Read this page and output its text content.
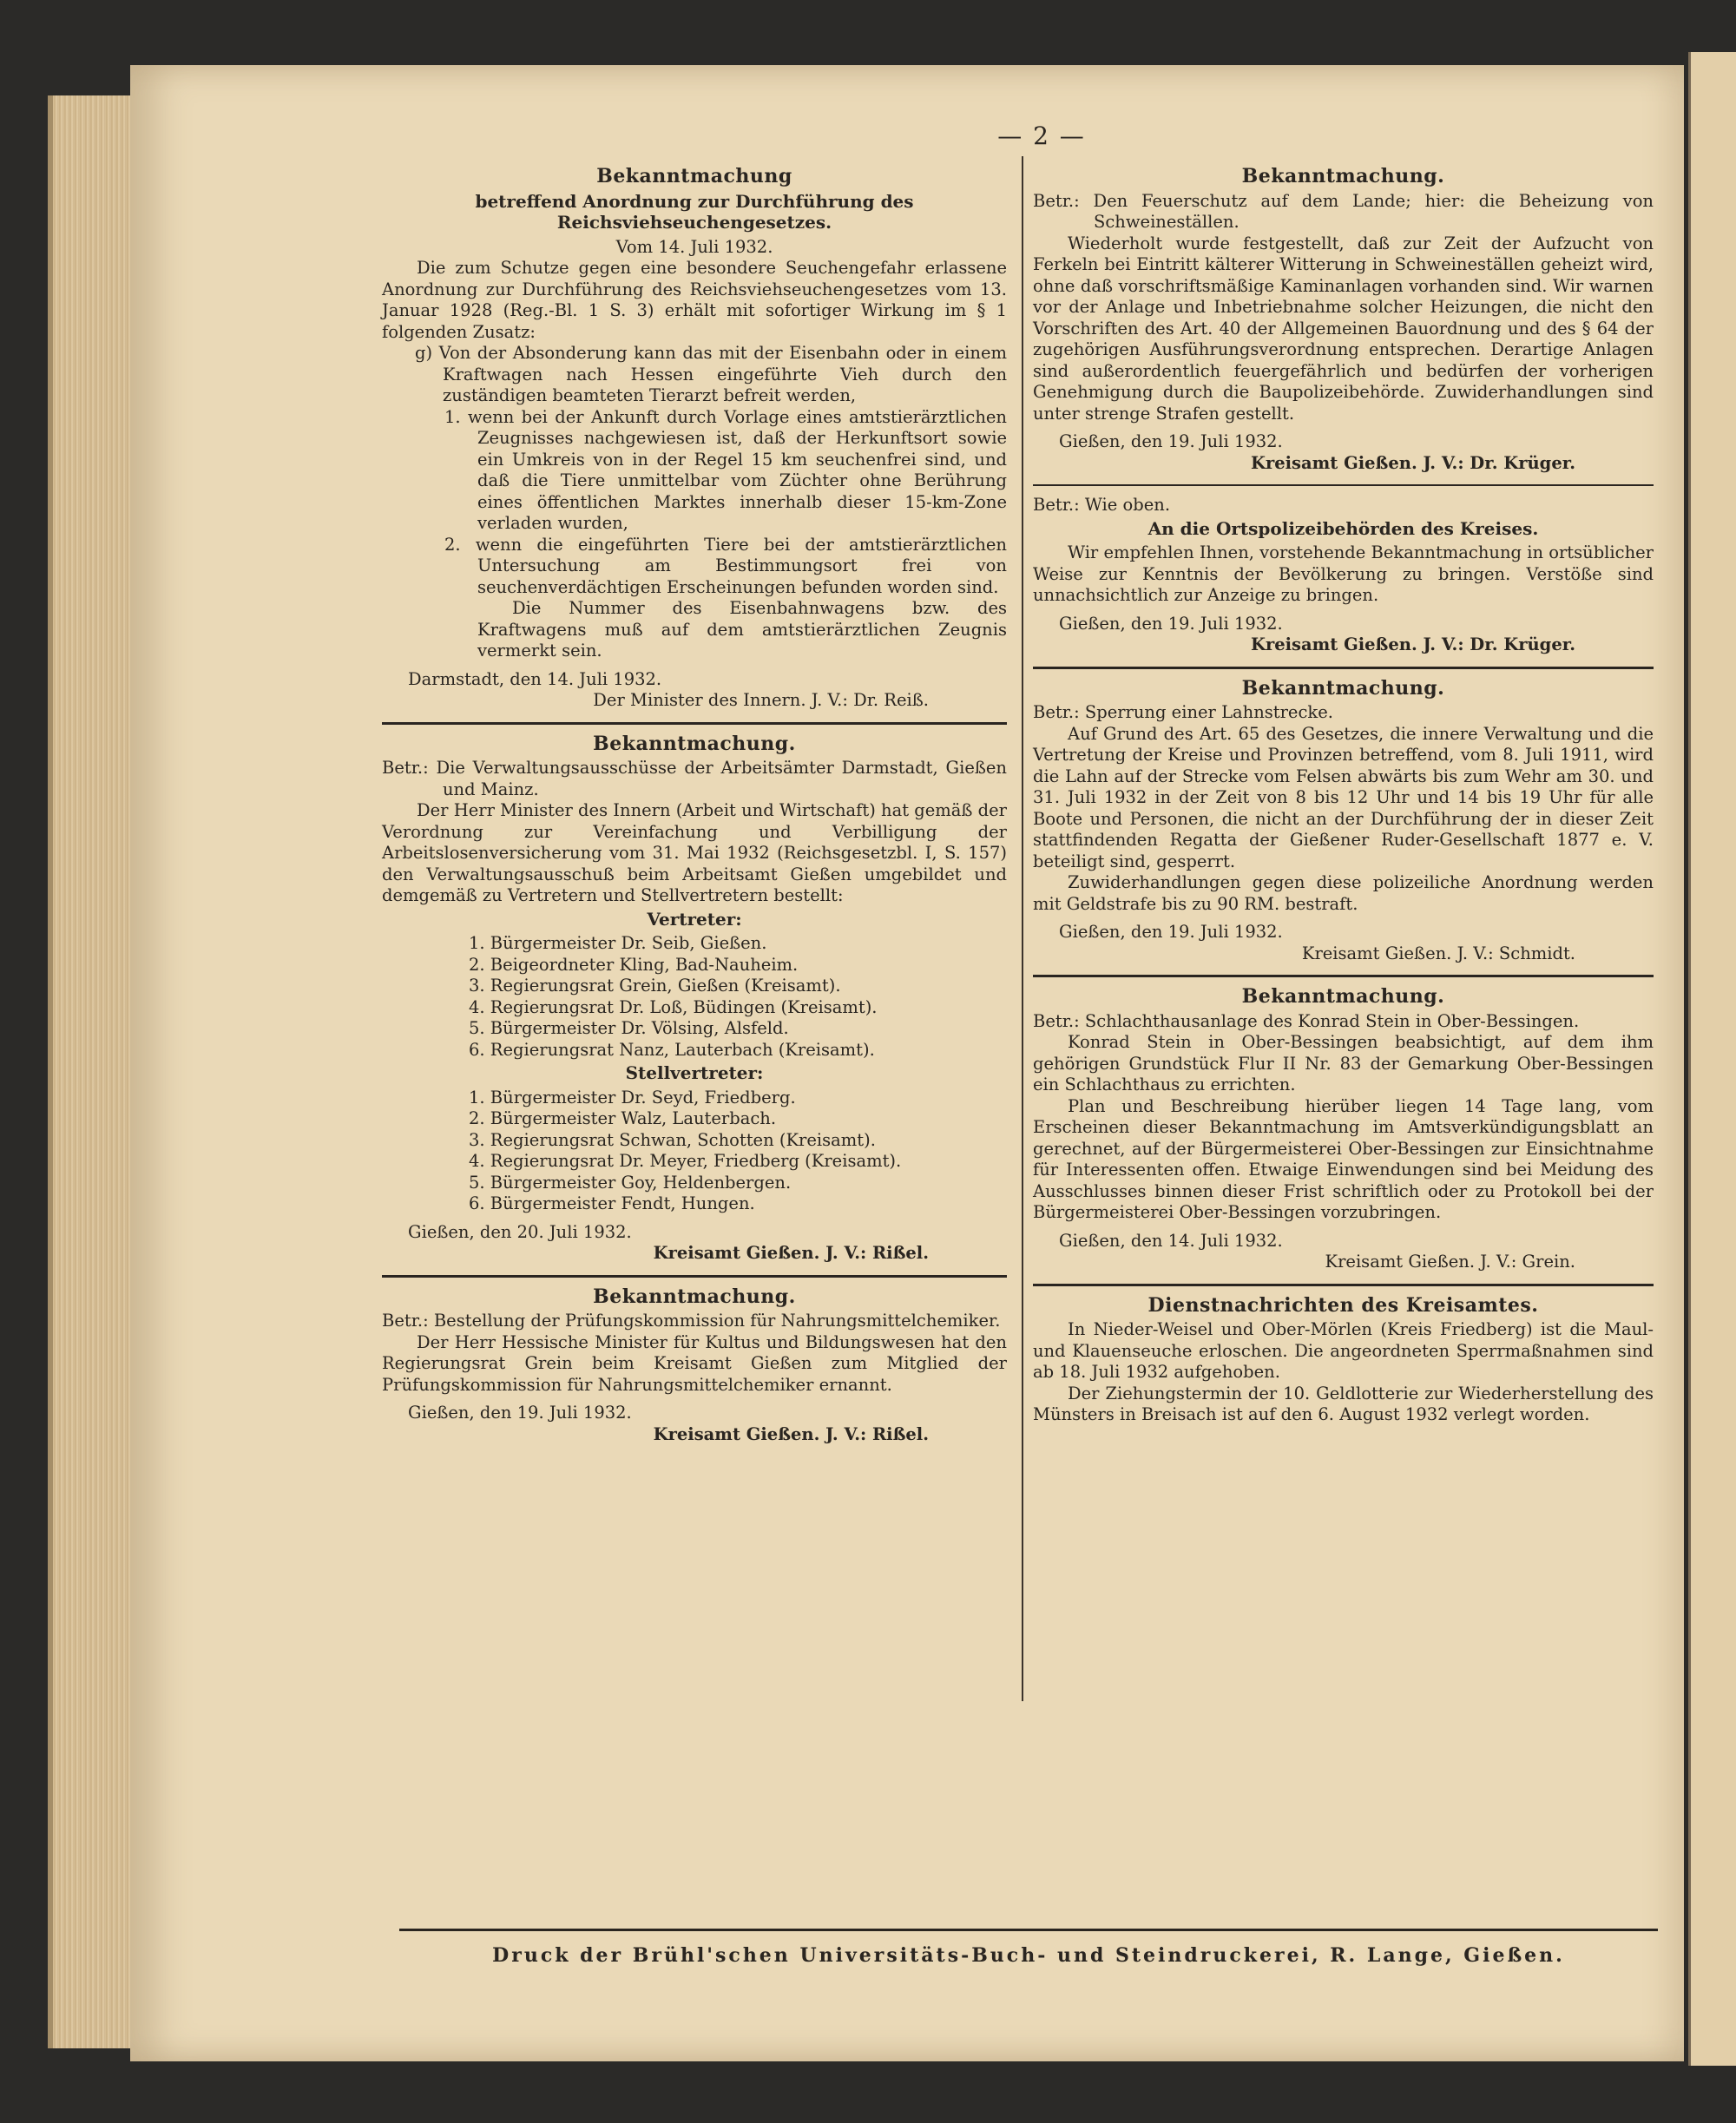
— 2 —
Bekanntmachung
betreffend Anordnung zur Durchführung des Reichsviehseuchengesetzes.
Vom 14. Juli 1932.

Die zum Schutze gegen eine besondere Seuchengefahr erlassene Anordnung zur Durchführung des Reichsviehseuchengesetzes vom 13. Januar 1928 (Reg.-Bl. 1 S. 3) erhält mit sofortiger Wirkung im § 1 folgenden Zusatz:

g) Von der Absonderung kann das mit der Eisenbahn oder in einem Kraftwagen nach Hessen eingeführte Vieh durch den zuständigen beamteten Tierarzt befreit werden,

1. wenn bei der Ankunft durch Vorlage eines amtstierärztlichen Zeugnisses nachgewiesen ist, daß der Herkunftsort sowie ein Umkreis von in der Regel 15 km seuchenfrei sind, und daß die Tiere unmittelbar vom Züchter ohne Berührung eines öffentlichen Marktes innerhalb dieser 15-km-Zone verladen wurden,

2. wenn die eingeführten Tiere bei der amtstierärztlichen Untersuchung am Bestimmungsort frei von seuchenverdächtigen Erscheinungen befunden worden sind.

Die Nummer des Eisenbahnwagens bzw. des Kraftwagens muß auf dem amtstierärztlichen Zeugnis vermerkt sein.

Darmstadt, den 14. Juli 1932.
Der Minister des Innern. J. V.: Dr. Reiß.
Bekanntmachung.

Betr.: Die Verwaltungsausschüsse der Arbeitsämter Darmstadt, Gießen und Mainz.

Der Herr Minister des Innern (Arbeit und Wirtschaft) hat gemäß der Verordnung zur Vereinfachung und Verbilligung der Arbeitslosenversicherung vom 31. Mai 1932 (Reichsgesetzbl. I, S. 157) den Verwaltungsausschuß beim Arbeitsamt Gießen umgebildet und demgemäß zu Vertretern und Stellvertretern bestellt:

Vertreter:
1. Bürgermeister Dr. Seib, Gießen.
2. Beigeordneter Kling, Bad-Nauheim.
3. Regierungsrat Grein, Gießen (Kreisamt).
4. Regierungsrat Dr. Loß, Büdingen (Kreisamt).
5. Bürgermeister Dr. Völsing, Alsfeld.
6. Regierungsrat Nanz, Lauterbach (Kreisamt).
Stellvertreter:
1. Bürgermeister Dr. Seyd, Friedberg.
2. Bürgermeister Walz, Lauterbach.
3. Regierungsrat Schwan, Schotten (Kreisamt).
4. Regierungsrat Dr. Meyer, Friedberg (Kreisamt).
5. Bürgermeister Goy, Heldenbergen.
6. Bürgermeister Fendt, Hungen.
Gießen, den 20. Juli 1932.
Kreisamt Gießen. J. V.: Rißel.
Bekanntmachung.

Betr.: Bestellung der Prüfungskommission für Nahrungsmittelchemiker.

Der Herr Hessische Minister für Kultus und Bildungswesen hat den Regierungsrat Grein beim Kreisamt Gießen zum Mitglied der Prüfungskommission für Nahrungsmittelchemiker ernannt.

Gießen, den 19. Juli 1932.
Kreisamt Gießen. J. V.: Rißel.
Bekanntmachung.

Betr.: Den Feuerschutz auf dem Lande; hier: die Beheizung von Schweineställen.

Wiederholt wurde festgestellt, daß zur Zeit der Aufzucht von Ferkeln bei Eintritt kälterer Witterung in Schweineställen geheizt wird, ohne daß vorschriftsmäßige Kaminanlagen vorhanden sind. Wir warnen vor der Anlage und Inbetriebnahme solcher Heizungen, die nicht den Vorschriften des Art. 40 der Allgemeinen Bauordnung und des § 64 der zugehörigen Ausführungsverordnung entsprechen. Derartige Anlagen sind außerordentlich feuergefährlich und bedürfen der vorherigen Genehmigung durch die Baupolizeibehörde. Zuwiderhandlungen sind unter strenge Strafen gestellt.

Gießen, den 19. Juli 1932.
Kreisamt Gießen. J. V.: Dr. Krüger.

Betr.: Wie oben.

An die Ortspolizeibehörden des Kreises.

Wir empfehlen Ihnen, vorstehende Bekanntmachung in ortsüblicher Weise zur Kenntnis der Bevölkerung zu bringen. Verstöße sind unnachsichtlich zur Anzeige zu bringen.

Gießen, den 19. Juli 1932.
Kreisamt Gießen. J. V.: Dr. Krüger.
Bekanntmachung.

Betr.: Sperrung einer Lahnstrecke.

Auf Grund des Art. 65 des Gesetzes, die innere Verwaltung und die Vertretung der Kreise und Provinzen betreffend, vom 8. Juli 1911, wird die Lahn auf der Strecke vom Felsen abwärts bis zum Wehr am 30. und 31. Juli 1932 in der Zeit von 8 bis 12 Uhr und 14 bis 19 Uhr für alle Boote und Personen, die nicht an der Durchführung der in dieser Zeit stattfindenden Regatta der Gießener Ruder-Gesellschaft 1877 e. V. beteiligt sind, gesperrt.

Zuwiderhandlungen gegen diese polizeiliche Anordnung werden mit Geldstrafe bis zu 90 RM. bestraft.

Gießen, den 19. Juli 1932.
Kreisamt Gießen. J. V.: Schmidt.
Bekanntmachung.

Betr.: Schlachthausanlage des Konrad Stein in Ober-Bessingen.

Konrad Stein in Ober-Bessingen beabsichtigt, auf dem ihm gehörigen Grundstück Flur II Nr. 83 der Gemarkung Ober-Bessingen ein Schlachthaus zu errichten.

Plan und Beschreibung hierüber liegen 14 Tage lang, vom Erscheinen dieser Bekanntmachung im Amtsverkündigungsblatt an gerechnet, auf der Bürgermeisterei Ober-Bessingen zur Einsichtnahme für Interessenten offen. Etwaige Einwendungen sind bei Meidung des Ausschlusses binnen dieser Frist schriftlich oder zu Protokoll bei der Bürgermeisterei Ober-Bessingen vorzubringen.

Gießen, den 14. Juli 1932.
Kreisamt Gießen. J. V.: Grein.
Dienstnachrichten des Kreisamtes.

In Nieder-Weisel und Ober-Mörlen (Kreis Friedberg) ist die Maul- und Klauenseuche erloschen. Die angeordneten Sperrmaßnahmen sind ab 18. Juli 1932 aufgehoben.

Der Ziehungstermin der 10. Geldlotterie zur Wiederherstellung des Münsters in Breisach ist auf den 6. August 1932 verlegt worden.

Druck der Brühl'schen Universitäts-Buch- und Steindruckerei, R. Lange, Gießen.
